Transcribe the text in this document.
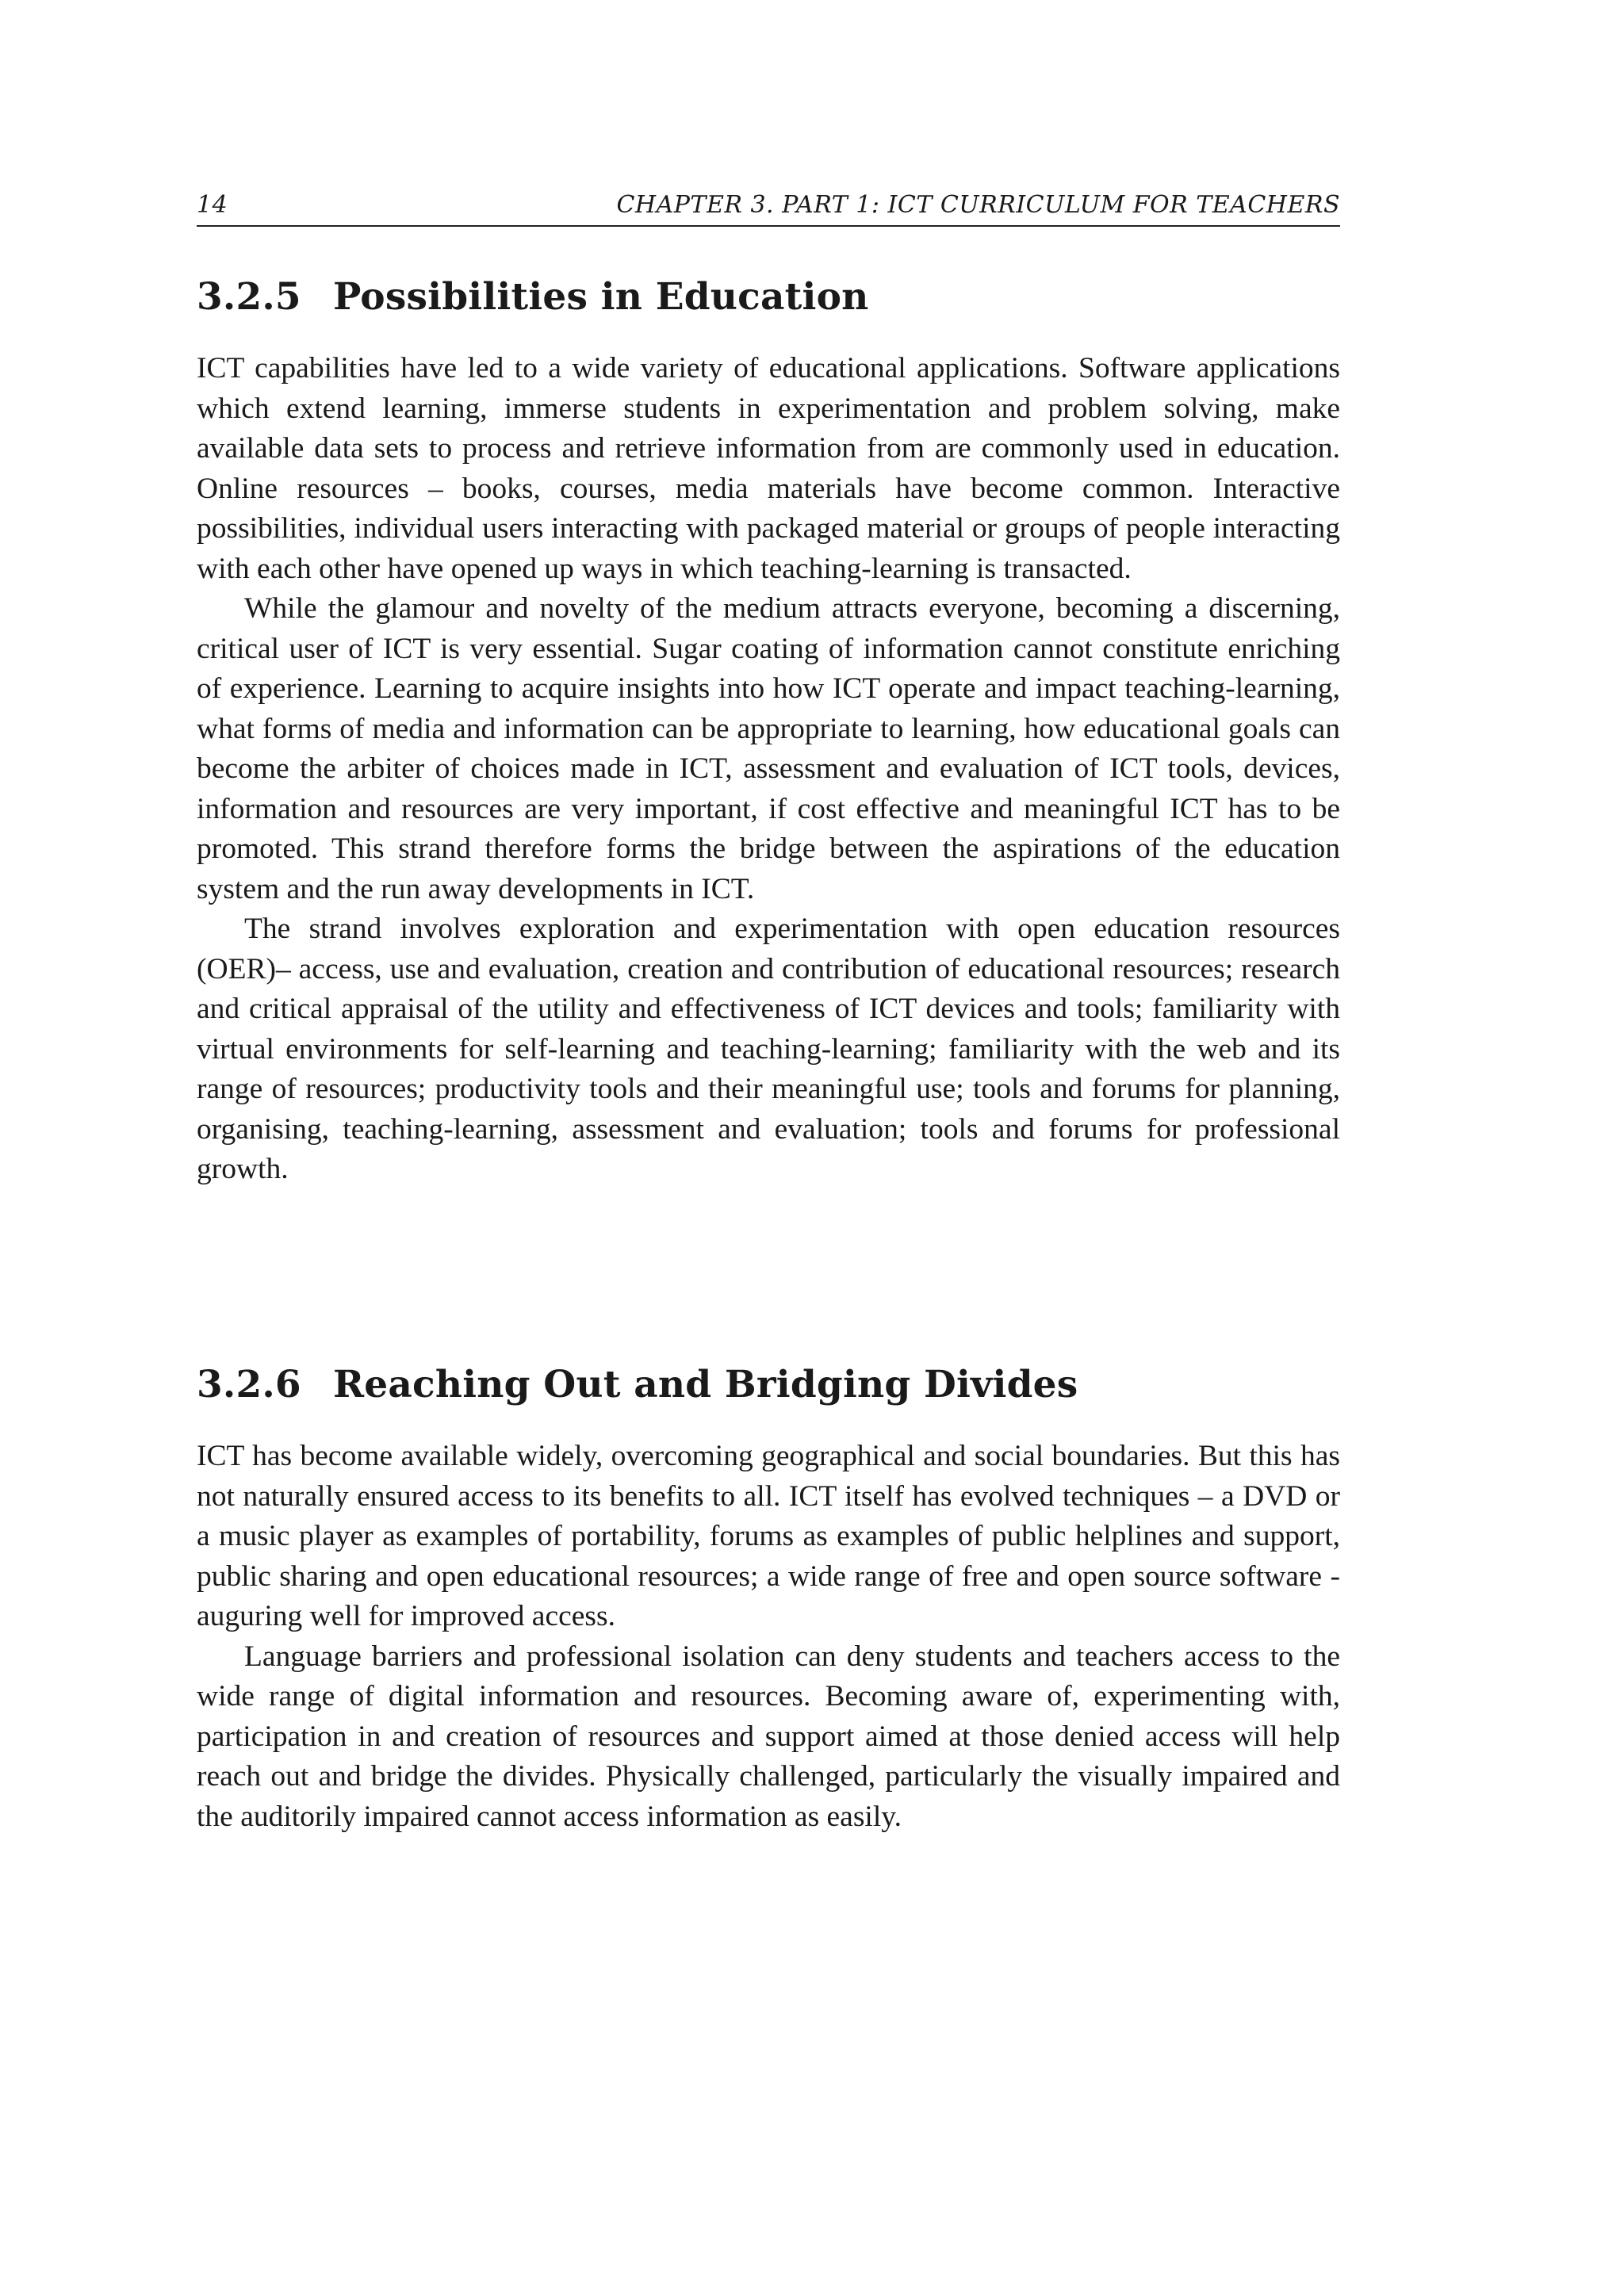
14	CHAPTER 3. PART 1: ICT CURRICULUM FOR TEACHERS
3.2.5 Possibilities in Education

ICT capabilities have led to a wide variety of educational applications. Software applications which extend learning, immerse students in experimentation and problem solving, make available data sets to process and retrieve information from are commonly used in education. Online resources – books, courses, media materials have become common. Interactive possibilities, individual users interacting with packaged material or groups of people interacting with each other have opened up ways in which teaching-learning is transacted.

While the glamour and novelty of the medium attracts everyone, becoming a discerning, critical user of ICT is very essential. Sugar coating of information cannot constitute enriching of experience. Learning to acquire insights into how ICT operate and impact teaching-learning, what forms of media and information can be appropriate to learning, how educational goals can become the arbiter of choices made in ICT, assessment and evaluation of ICT tools, devices, information and resources are very important, if cost effective and meaningful ICT has to be promoted. This strand therefore forms the bridge between the aspirations of the education system and the run away developments in ICT.

The strand involves exploration and experimentation with open education resources (OER)– access, use and evaluation, creation and contribution of educational resources; research and critical appraisal of the utility and effectiveness of ICT devices and tools; familiarity with virtual environments for self-learning and teaching-learning; familiarity with the web and its range of resources; productivity tools and their meaningful use; tools and forums for planning, organising, teaching-learning, assessment and evaluation; tools and forums for professional growth.

3.2.6 Reaching Out and Bridging Divides

ICT has become available widely, overcoming geographical and social boundaries. But this has not naturally ensured access to its benefits to all. ICT itself has evolved techniques – a DVD or a music player as examples of portability, forums as examples of public helplines and support, public sharing and open educational resources; a wide range of free and open source software - auguring well for improved access.

Language barriers and professional isolation can deny students and teachers access to the wide range of digital information and resources. Becoming aware of, experimenting with, participation in and creation of resources and support aimed at those denied access will help reach out and bridge the divides. Physically challenged, particularly the visually impaired and the auditorily impaired cannot access information as easily.
